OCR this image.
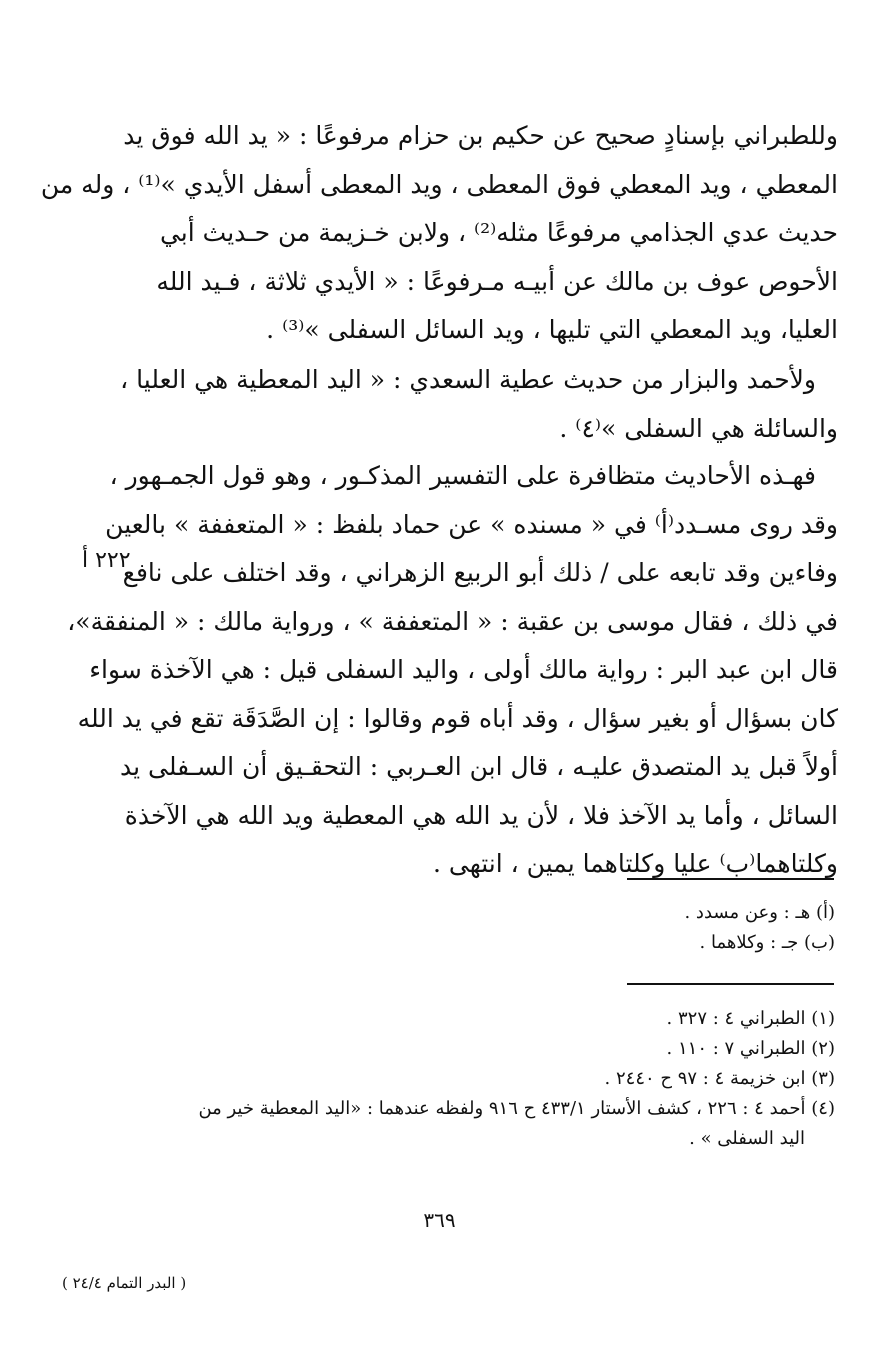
وللطبراني بإسنادٍ صحيح عن حكيم بن حزام مرفوعًا : « يد الله فوق يد
المعطي ، ويد المعطي فوق المعطى ، ويد المعطى أسفل الأيدي »⁽¹⁾ ، وله من
حديث عدي الجذامي مرفوعًا مثله⁽²⁾ ، ولابن خـزيمة من حـديث أبي
الأحوص عوف بن مالك عن أبيـه مـرفوعًا : « الأيدي ثلاثة ، فـيد الله
العليا، ويد المعطي التي تليها ، ويد السائل السفلى »⁽³⁾ .
ولأحمد والبزار من حديث عطية السعدي : « اليد المعطية هي العليا ،
والسائلة هي السفلى »⁽٤⁾ .
فهـذه الأحاديث متظافرة على التفسير المذكـور ، وهو قول الجمـهور ،
وقد روى مسـدد⁽أ⁾ في « مسنده » عن حماد بلفظ : « المتعففة » بالعين
وفاءين وقد تابعه على / ذلك أبو الربيع الزهراني ، وقد اختلف على نافع
في ذلك ، فقال موسى بن عقبة : « المتعففة » ، ورواية مالك : « المنفقة»،
قال ابن عبد البر : رواية مالك أولى ، واليد السفلى قيل : هي الآخذة سواء
كان بسؤال أو بغير سؤال ، وقد أباه قوم وقالوا : إن الصَّدَقَة تقع في يد الله
أولاً قبل يد المتصدق عليـه ، قال ابن العـربي : التحقـيق أن السـفلى يد
السائل ، وأما يد الآخذ فلا ، لأن يد الله هي المعطية ويد الله هي الآخذة
وكلتاهما⁽ب⁾ عليا وكلتاهما يمين ، انتهى .
٢٢٢ أ
(أ) هـ : وعن مسدد .
(ب) جـ : وكلاهما .
(١) الطبراني ٤ : ٣٢٧ .
(٢) الطبراني ٧ : ١١٠ .
(٣) ابن خزيمة ٤ : ٩٧ ح ٢٤٤٠ .
(٤) أحمد ٤ : ٢٢٦ ، كشف الأستار ٤٣٣/١ ح ٩١٦ ولفظه عندهما : «اليد المعطية خير من
اليد السفلى » .
٣٦٩
( البدر التمام ٢٤/٤ )
